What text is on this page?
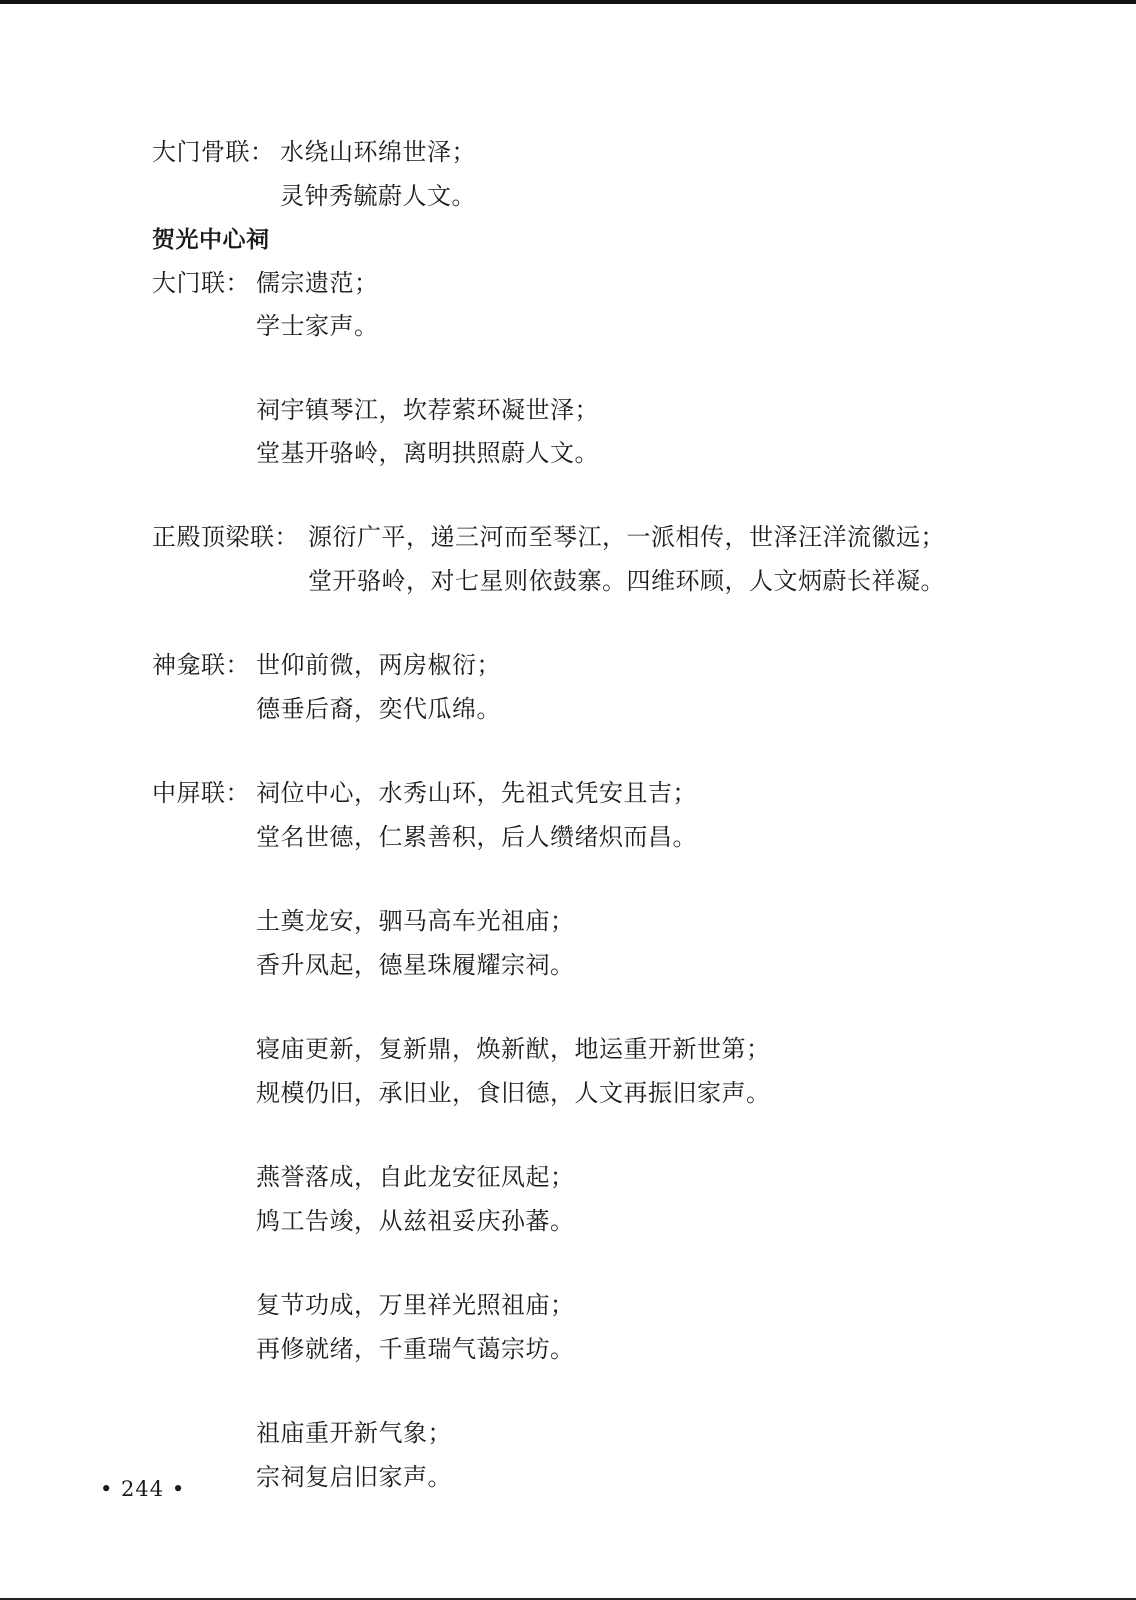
大门骨联： 水绕山环绵世泽；
灵钟秀毓蔚人文。
贺光中心祠
大门联： 儒宗遗范；
学士家声。
祠宇镇琴江，坎荐萦环凝世泽；
堂基开骆岭，离明拱照蔚人文。
正殿顶梁联： 源衍广平，递三河而至琴江，一派相传，世泽汪洋流徽远；
堂开骆岭，对七星则依鼓寨。四维环顾，人文炳蔚长祥凝。
神龛联： 世仰前微，两房椒衍；
德垂后裔，奕代瓜绵。
中屏联： 祠位中心，水秀山环，先祖式凭安且吉；
堂名世德，仁累善积，后人缵绪炽而昌。
土奠龙安，驷马高车光祖庙；
香升凤起，德星珠履耀宗祠。
寝庙更新，复新鼎，焕新猷，地运重开新世第；
规模仍旧，承旧业，食旧德，人文再振旧家声。
燕誉落成，自此龙安征凤起；
鸠工告竣，从兹祖妥庆孙蕃。
复节功成，万里祥光照祖庙；
再修就绪，千重瑞气蔼宗坊。
祖庙重开新气象；
宗祠复启旧家声。
• 244 •
